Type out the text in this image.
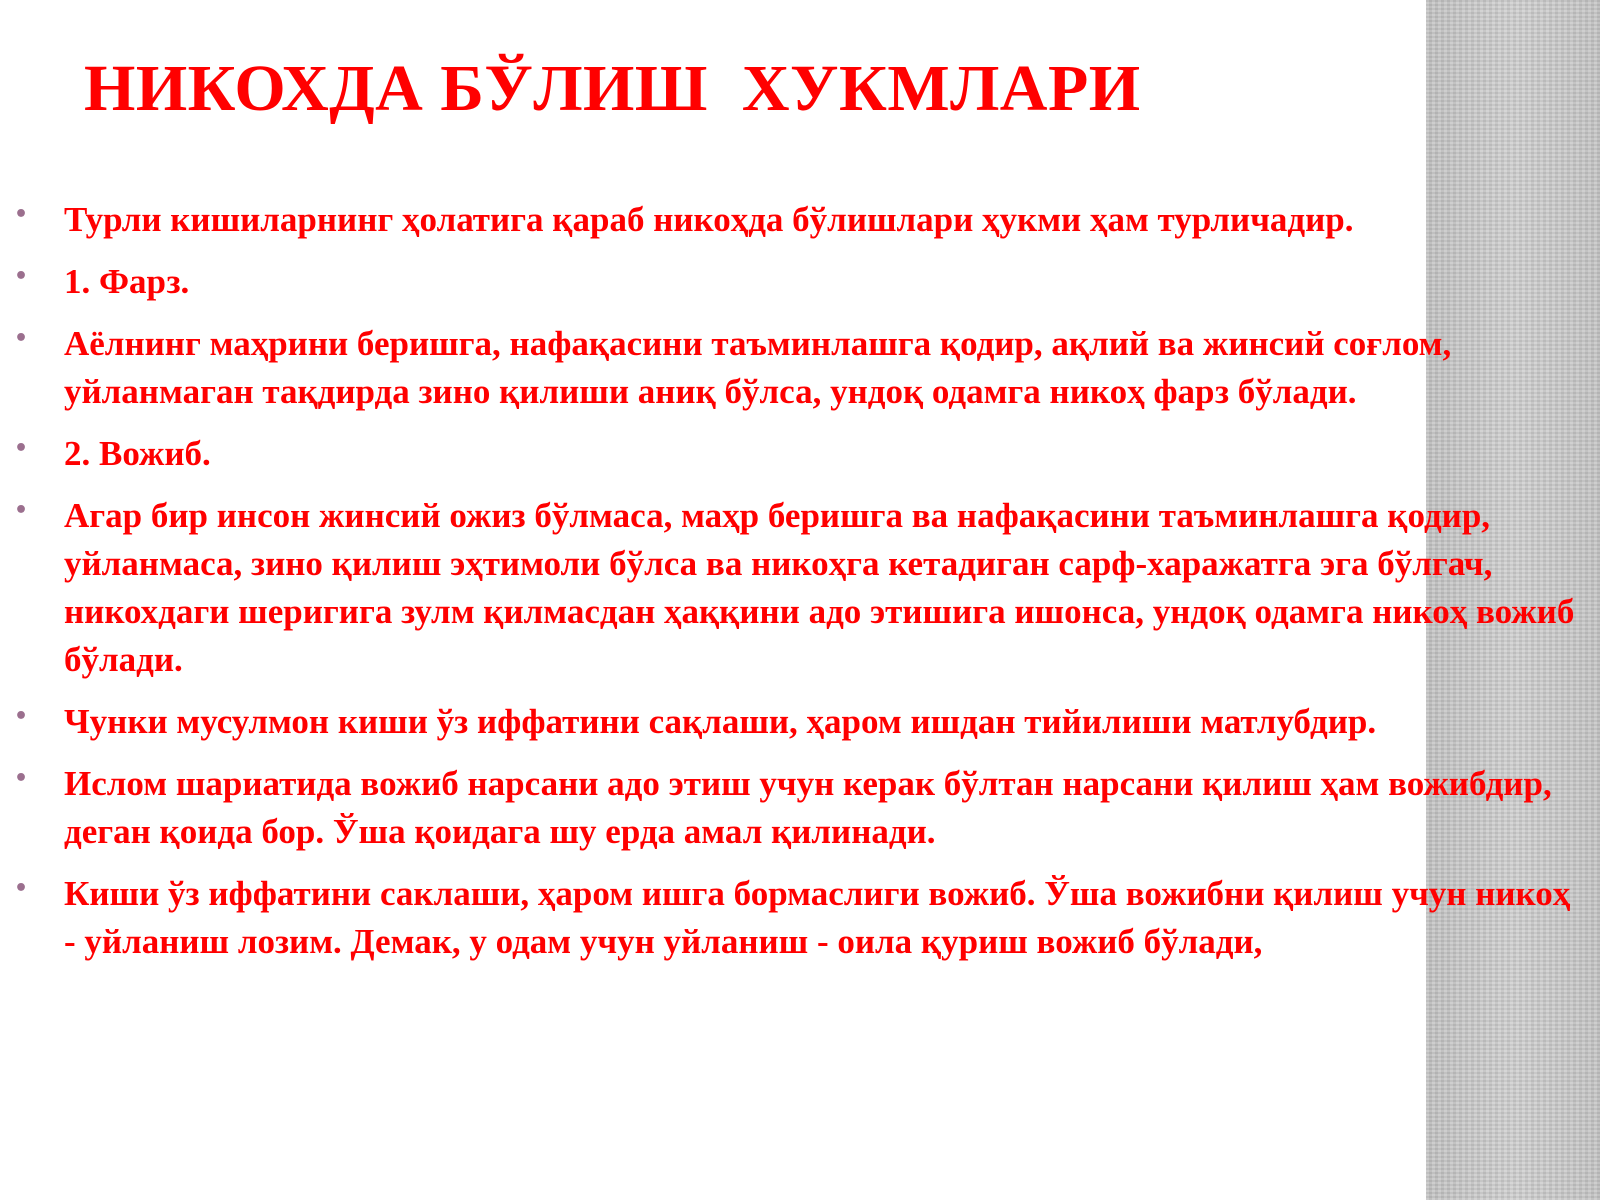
НИКОХДА БЎЛИШ  ХУКМЛАРИ
• Турли кишиларнинг ҳолатига қараб никоҳда бўлишлари ҳукми ҳам турличадир.
• 1. Фарз.
• Аёлнинг маҳрини беришга, нафақасини таъминлашга қодир, ақлий ва жинсий соғлом, уйланмаган тақдирда зино қилиши аниқ бўлса, ундоқ одамга никоҳ фарз бўлади.
• 2. Вожиб.
• Агар бир инсон жинсий ожиз бўлмаса, маҳр беришга ва нафақасини таъминлашга қодир, уйланмаса, зино қилиш эҳтимоли бўлса ва никоҳга кетадиган сарф-харажатга эга бўлгач, никохдаги шеригига зулм қилмасдан ҳаққини адо этишига ишонса, ундоқ одамга никоҳ вожиб бўлади.
• Чунки мусулмон киши ўз иффатини сақлаши, ҳаром ишдан тийилиши матлубдир.
• Ислом шариатида вожиб нарсани адо этиш учун керак бўлтан нарсани қилиш ҳам вожибдир, деган қоида бор. Ўша қоидага шу ерда амал қилинади.
• Киши ўз иффатини саклаши, ҳаром ишга бормаслиги вожиб. Ўша вожибни қилиш учун никоҳ - уйланиш лозим. Демак, у одам учун уйланиш - оила қуриш вожиб бўлади,
